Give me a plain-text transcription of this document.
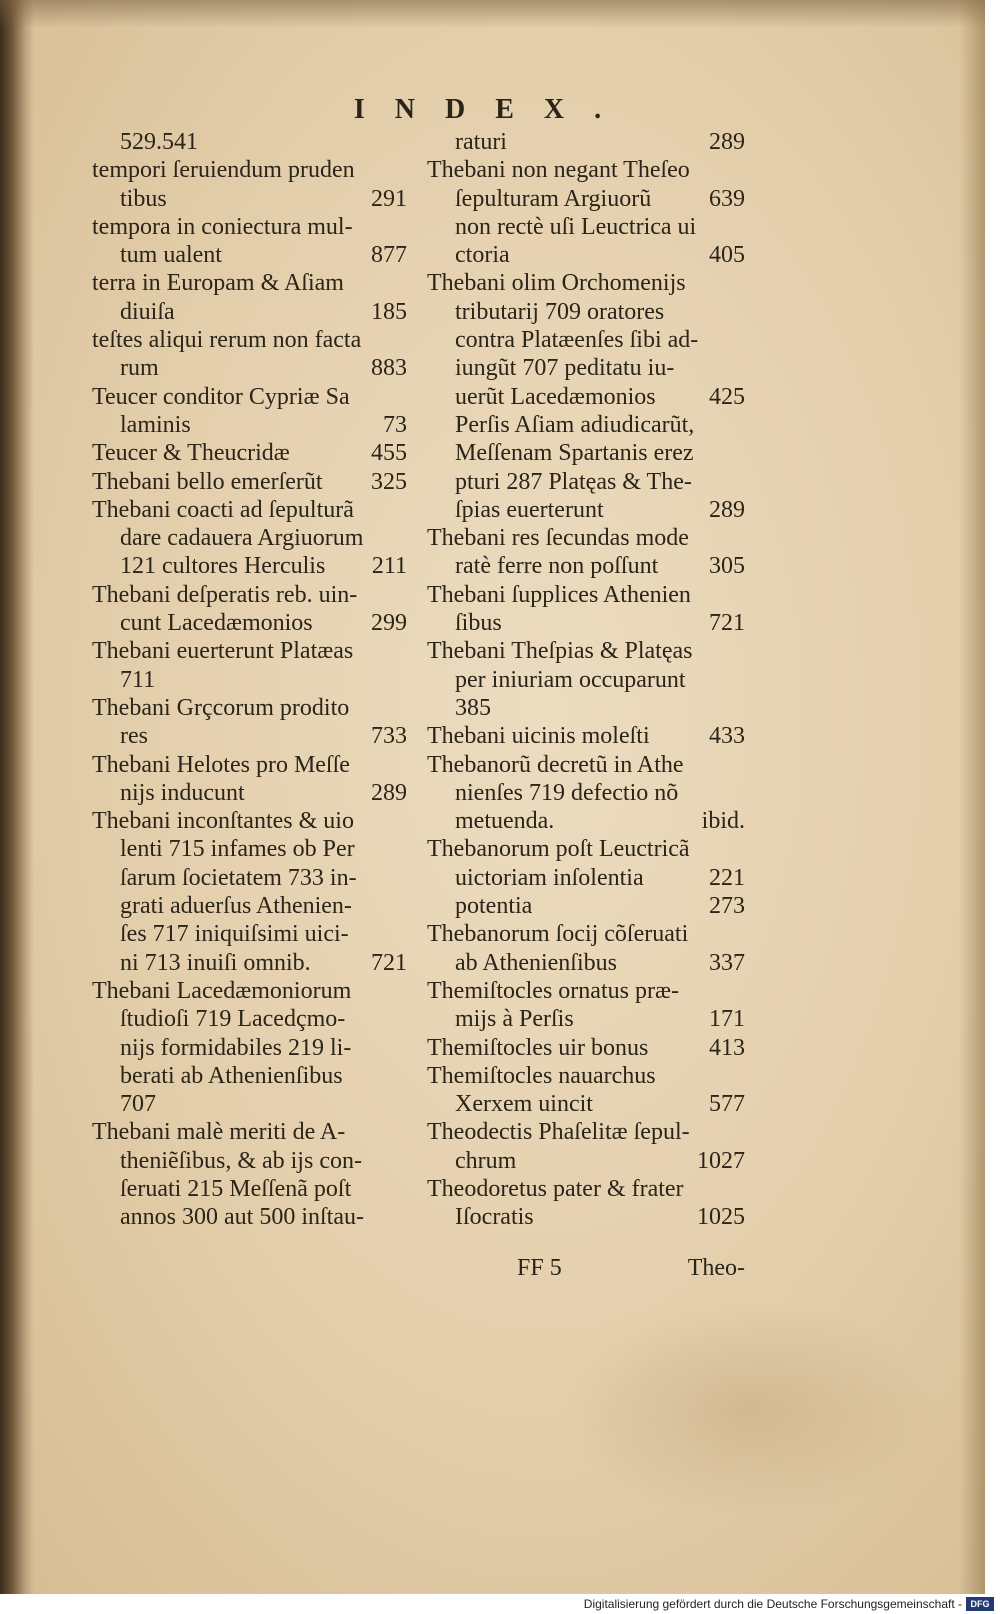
INDEX.
529.541
tempori ſeruiendum pruden
tibus	291
tempora in coniectura mul-
tum ualent	877
terra in Europam & Aſiam
diuiſa	185
teſtes aliqui rerum non facta
rum	883
Teucer conditor Cypriæ Sa
laminis	73
Teucer & Theucridæ	455
Thebani bello emerſerũt	325
Thebani coacti ad ſepulturã
dare cadauera Argiuorum
121 cultores Herculis	211
Thebani deſperatis reb. uin-
cunt Lacedæmonios	299
Thebani euerterunt Platæas
711
Thebani Grçcorum prodito
res	733
Thebani Helotes pro Meſſe
nijs inducunt	289
Thebani inconſtantes & uio
lenti 715 infames ob Per
ſarum ſocietatem 733 in-
grati aduerſus Athenien-
ſes 717 iniquiſsimi uici-
ni 713 inuiſi omnib.	721
Thebani Lacedæmoniorum
ſtudioſi 719 Lacedçmo-
nijs formidabiles 219 li-
berati ab Athenienſibus
707
Thebani malè meriti de A-
theniẽſibus, & ab ijs con-
ſeruati 215 Meſſenã poſt
annos 300 aut 500 inſtau-
raturi	289
Thebani non negant Theſeo
ſepulturam Argiuorũ	639
non rectè uſi Leuctrica ui
ctoria	405
Thebani olim Orchomenijs
tributarij 709 oratores
contra Platæenſes ſibi ad-
iungũt 707 peditatu iu-
uerũt Lacedæmonios	425
Perſis Aſiam adiudicarũt,
Meſſenam Spartanis erez
pturi 287 Platęas & The-
ſpias euerterunt	289
Thebani res ſecundas mode
ratè ferre non poſſunt	305
Thebani ſupplices Athenien
ſibus	721
Thebani Theſpias & Platęas
per iniuriam occuparunt
385
Thebani uicinis moleſti	433
Thebanorũ decretũ in Athe
nienſes 719 defectio nõ
metuenda.	ibid.
Thebanorum poſt Leuctricã
uictoriam inſolentia	221
potentia	273
Thebanorum ſocij cõſeruati
ab Athenienſibus	337
Themiſtocles ornatus præ-
mijs à Perſis	171
Themiſtocles uir bonus	413
Themiſtocles nauarchus
Xerxem uincit	577
Theodectis Phaſelitæ ſepul-
chrum	1027
Theodoretus pater & frater
Iſocratis	1025
FF 5	Theo-
Digitalisierung gefördert durch die Deutsche Forschungsgemeinschaft - DFG
